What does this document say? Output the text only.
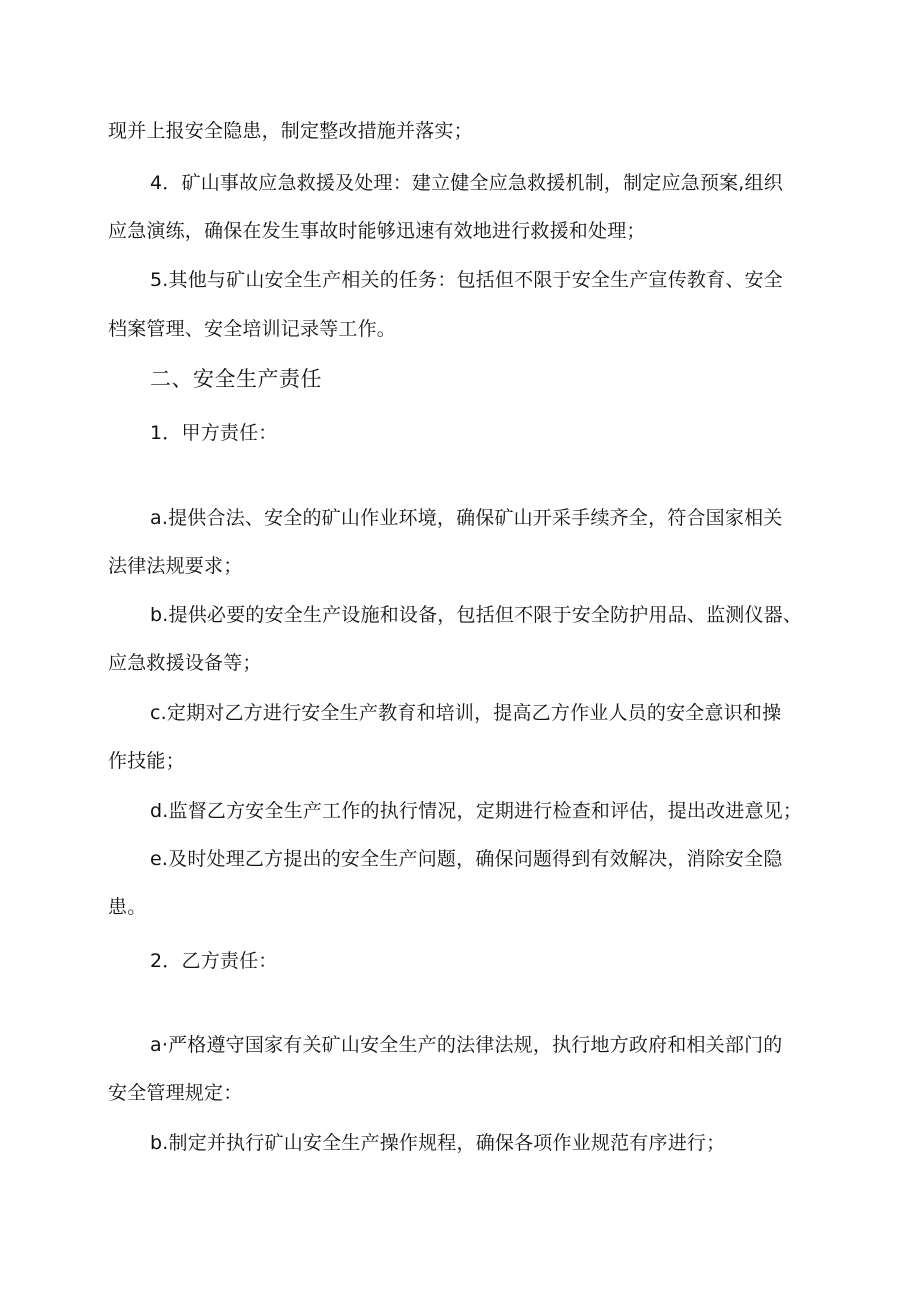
现并上报安全隐患，制定整改措施并落实；
4．矿山事故应急救援及处理：建立健全应急救援机制，制定应急预案,组织
应急演练，确保在发生事故时能够迅速有效地进行救援和处理；
5.其他与矿山安全生产相关的任务：包括但不限于安全生产宣传教育、安全
档案管理、安全培训记录等工作。
二、安全生产责任
1．甲方责任：
a.提供合法、安全的矿山作业环境，确保矿山开采手续齐全，符合国家相关
法律法规要求；
b.提供必要的安全生产设施和设备，包括但不限于安全防护用品、监测仪器、
应急救援设备等；
c.定期对乙方进行安全生产教育和培训，提高乙方作业人员的安全意识和操
作技能；
d.监督乙方安全生产工作的执行情况，定期进行检查和评估，提出改进意见；
e.及时处理乙方提出的安全生产问题，确保问题得到有效解决，消除安全隐
患。
2．乙方责任：
a·严格遵守国家有关矿山安全生产的法律法规，执行地方政府和相关部门的
安全管理规定：
b.制定并执行矿山安全生产操作规程，确保各项作业规范有序进行；
